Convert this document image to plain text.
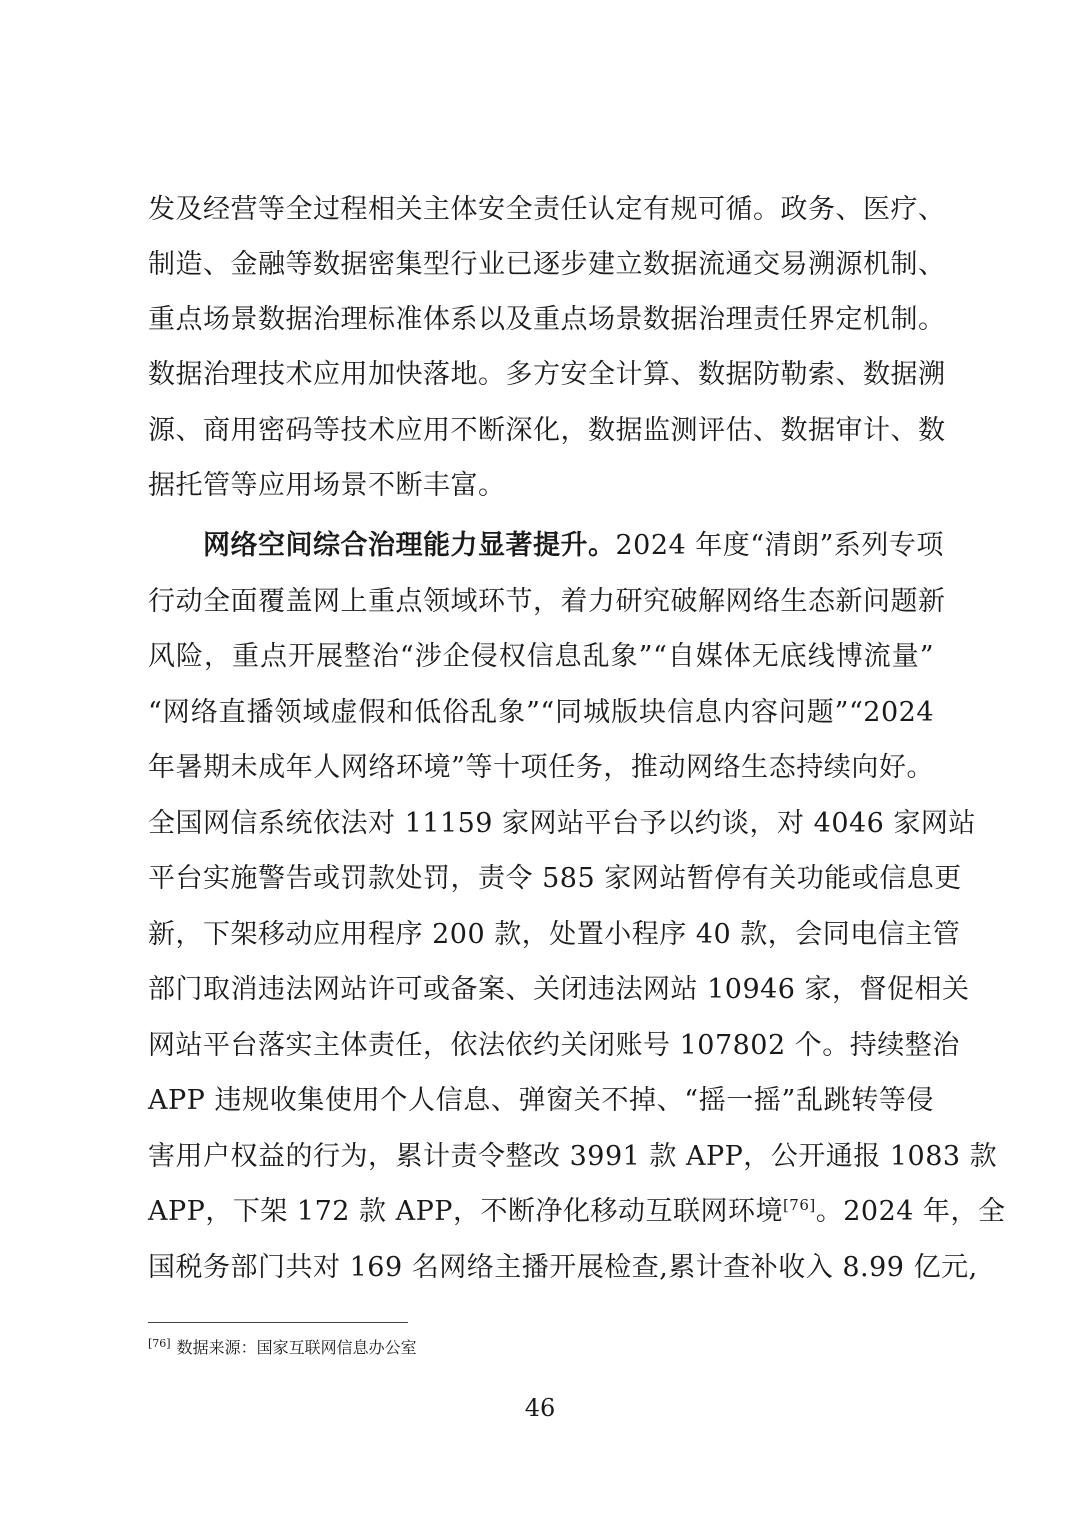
发及经营等全过程相关主体安全责任认定有规可循。政务、医疗、
制造、金融等数据密集型行业已逐步建立数据流通交易溯源机制、
重点场景数据治理标准体系以及重点场景数据治理责任界定机制。
数据治理技术应用加快落地。多方安全计算、数据防勒索、数据溯
源、商用密码等技术应用不断深化，数据监测评估、数据审计、数
据托管等应用场景不断丰富。
网络空间综合治理能力显著提升。2024 年度“清朗”系列专项
行动全面覆盖网上重点领域环节，着力研究破解网络生态新问题新
风险，重点开展整治“涉企侵权信息乱象”“自媒体无底线博流量”
“网络直播领域虚假和低俗乱象”“同城版块信息内容问题”“2024
年暑期未成年人网络环境”等十项任务，推动网络生态持续向好。
全国网信系统依法对 11159 家网站平台予以约谈，对 4046 家网站
平台实施警告或罚款处罚，责令 585 家网站暂停有关功能或信息更
新，下架移动应用程序 200 款，处置小程序 40 款，会同电信主管
部门取消违法网站许可或备案、关闭违法网站 10946 家，督促相关
网站平台落实主体责任，依法依约关闭账号 107802 个。持续整治
APP 违规收集使用个人信息、弹窗关不掉、“摇一摇”乱跳转等侵
害用户权益的行为，累计责令整改 3991 款 APP，公开通报 1083 款
APP，下架 172 款 APP，不断净化移动互联网环境[76]。2024 年，全
国税务部门共对 169 名网络主播开展检查,累计查补收入 8.99 亿元,
[76] 数据来源：国家互联网信息办公室
46
